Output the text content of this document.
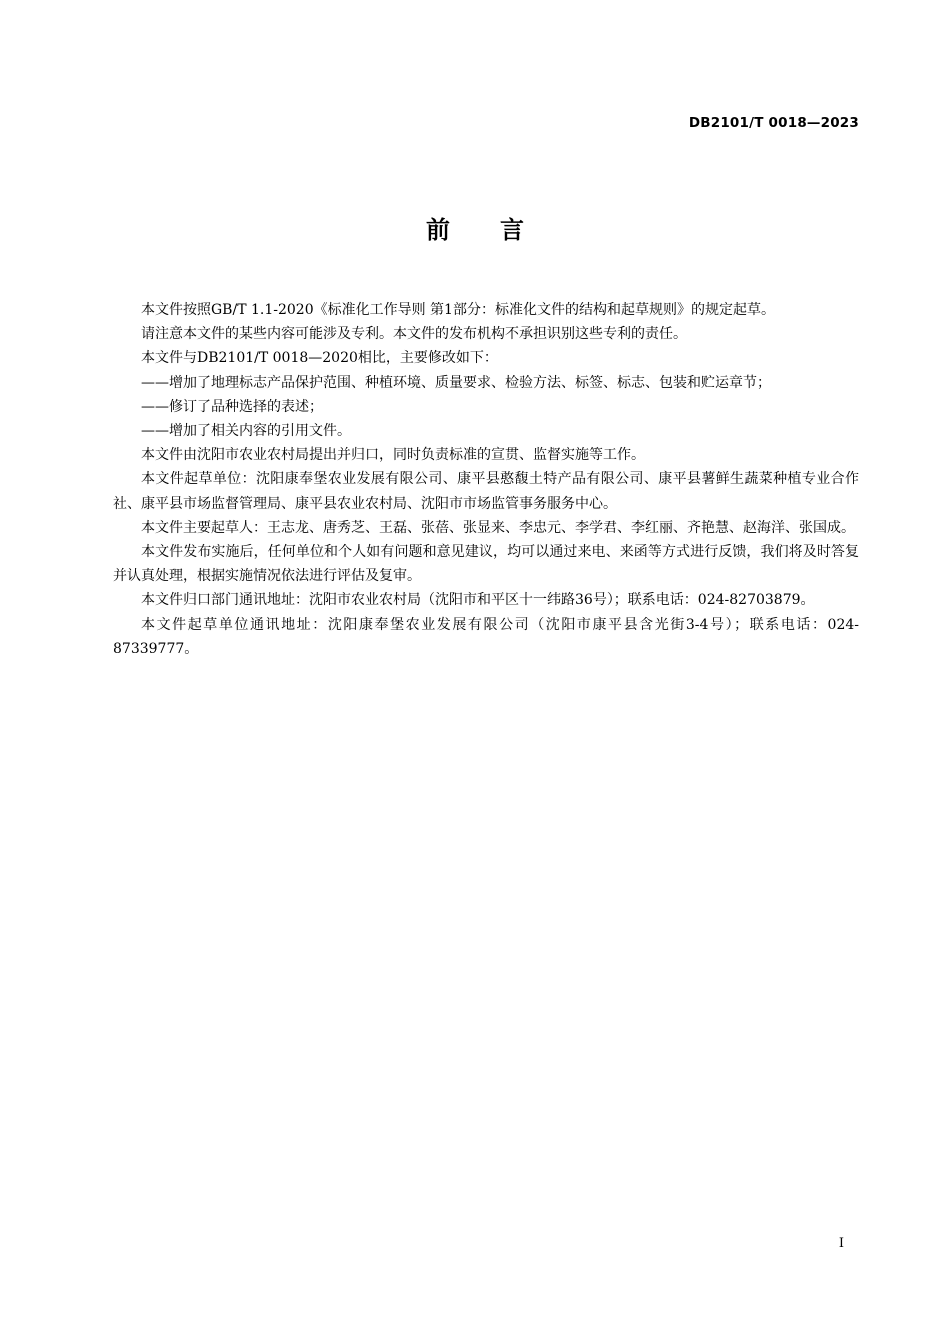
DB2101/T 0018—2023
前言

本文件按照GB/T 1.1-2020《标准化工作导则 第1部分：标准化文件的结构和起草规则》的规定起草。

请注意本文件的某些内容可能涉及专利。本文件的发布机构不承担识别这些专利的责任。

本文件与DB2101/T 0018—2020相比，主要修改如下：

——增加了地理标志产品保护范围、种植环境、质量要求、检验方法、标签、标志、包装和贮运章节；

——修订了品种选择的表述；

——增加了相关内容的引用文件。

本文件由沈阳市农业农村局提出并归口，同时负责标准的宣贯、监督实施等工作。

本文件起草单位：沈阳康奉堡农业发展有限公司、康平县憨馥土特产品有限公司、康平县薯鲜生蔬菜种植专业合作社、康平县市场监督管理局、康平县农业农村局、沈阳市市场监管事务服务中心。

本文件主要起草人：王志龙、唐秀芝、王磊、张蓓、张显来、李忠元、李学君、李红丽、齐艳慧、赵海洋、张国成。

本文件发布实施后，任何单位和个人如有问题和意见建议，均可以通过来电、来函等方式进行反馈，我们将及时答复并认真处理，根据实施情况依法进行评估及复审。

本文件归口部门通讯地址：沈阳市农业农村局（沈阳市和平区十一纬路36号）；联系电话：024-82703879。

本文件起草单位通讯地址：沈阳康奉堡农业发展有限公司（沈阳市康平县含光街3-4号）；联系电话：024-87339777。

I
